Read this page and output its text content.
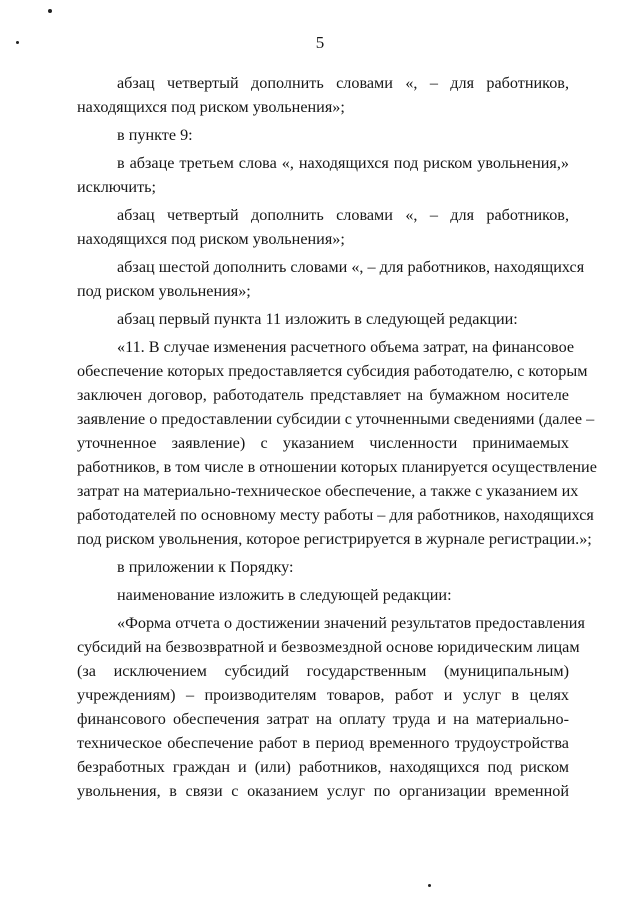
5
абзац четвертый дополнить словами «, – для работников,
находящихся под риском увольнения»;
в пункте 9:
в абзаце третьем слова «, находящихся под риском увольнения,»
исключить;
абзац четвертый дополнить словами «, – для работников,
находящихся под риском увольнения»;
абзац шестой дополнить словами «, – для работников, находящихся
под риском увольнения»;
абзац первый пункта 11 изложить в следующей редакции:
«11. В случае изменения расчетного объема затрат, на финансовое
обеспечение которых предоставляется субсидия работодателю, с которым
заключен договор, работодатель представляет на бумажном носителе
заявление о предоставлении субсидии с уточненными сведениями (далее –
уточненное заявление) с указанием численности принимаемых
работников, в том числе в отношении которых планируется осуществление
затрат на материально-техническое обеспечение, а также с указанием их
работодателей по основному месту работы – для работников, находящихся
под риском увольнения, которое регистрируется в журнале регистрации.»;
в приложении к Порядку:
наименование изложить в следующей редакции:
«Форма отчета о достижении значений результатов предоставления
субсидий на безвозвратной и безвозмездной основе юридическим лицам
(за исключением субсидий государственным (муниципальным)
учреждениям) – производителям товаров, работ и услуг в целях
финансового обеспечения затрат на оплату труда и на материально-
техническое обеспечение работ в период временного трудоустройства
безработных граждан и (или) работников, находящихся под риском
увольнения, в связи с оказанием услуг по организации временной
